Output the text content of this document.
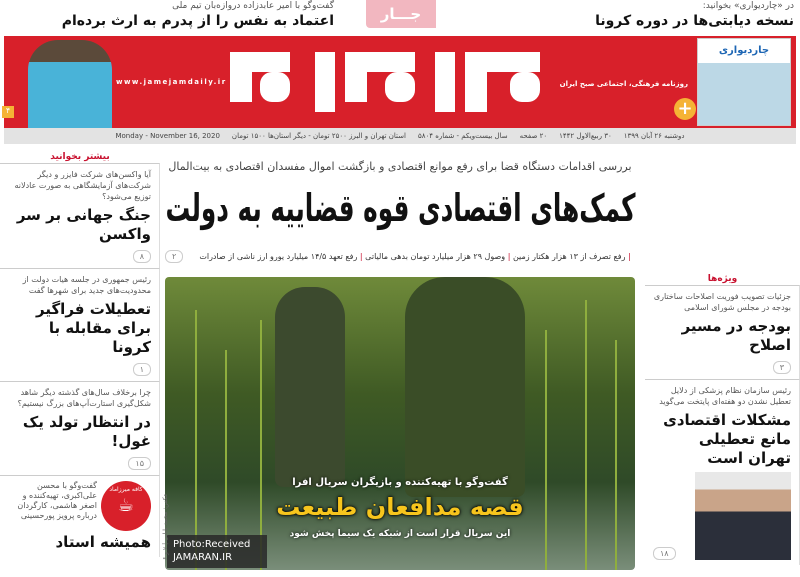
گفت‌وگو با امیر عابدزاده دروازه‌بان تیم ملی
اعتماد به نفس را از پدرم به ارث برده‌ام	جـــار	در «چاردیواری» بخوانید:
نسخه دیابتی‌ها در دوره کرونا
۴
www.jamejamdaily.ir	روزنامه فرهنگی، اجتماعی صبح ایران
چاردیواری
+
دوشنبه ۲۶ آبان ۱۳۹۹
۳۰ ربیع‌الاول ۱۴۴۲
۲۰ صفحه
سال بیست‌ویکم - شماره ۵۸۰۴
استان تهران و البرز ۲۵۰۰ تومان - دیگر استان‌ها ۱۵۰۰ تومان
Monday - November 16, 2020
بررسی اقدامات دستگاه قضا برای رفع موانع اقتصادی و بازگشت اموال مفسدان اقتصادی به بیت‌المال
کمک‌های اقتصادی قوه قضاییه به دولت
| رفع تصرف از ۱۳ هزار هکتار زمین | وصول ۲۹ هزار میلیارد تومان بدهی مالیاتی | رفع تعهد ۱۴/۵ میلیارد یورو ارز ناشی از صادرات
۲
بیشتر بخوانید
آیا واکسن‌های شرکت فایزر و دیگر شرکت‌های آزمایشگاهی به صورت عادلانه توزیع می‌شود؟
جنگ جهانی بر سر واکسن
۸
رئیس جمهوری در جلسه هیات دولت از محدودیت‌های جدید برای شهرها گفت
تعطیلات فراگیر برای مقابله با کرونا
۱
چرا برخلاف سال‌های گذشته دیگر شاهد شکل‌گیری استارت‌آپ‌های بزرگ نیستیم؟
در انتظار تولد یک غول!
۱۵
کافه میرزاماد
☕
گفت‌وگو با محسن علی‌اکبری، تهیه‌کننده و اصغر هاشمی، کارگردان درباره پرویز پورحسینی
همیشه استاد
گفت‌وگو با تهیه‌کننده و بازیگران سریال افرا
قصه مدافعان طبیعت
این سریال قرار است از شبکه یک سیما پخش شود
Photo:Received
JAMARAN.IR
عکس: محمد بابایی | ۷ و ۶
ویژه‌ها
جزئیات تصویب فوریت اصلاحات ساختاری بودجه در مجلس شورای اسلامی
بودجه در مسیر اصلاح
۳
رئیس سازمان نظام پزشکی از دلایل تعطیل نشدن دو هفته‌ای پایتخت می‌گوید
مشکلات اقتصادی مانع تعطیلی تهران است
۱۸
